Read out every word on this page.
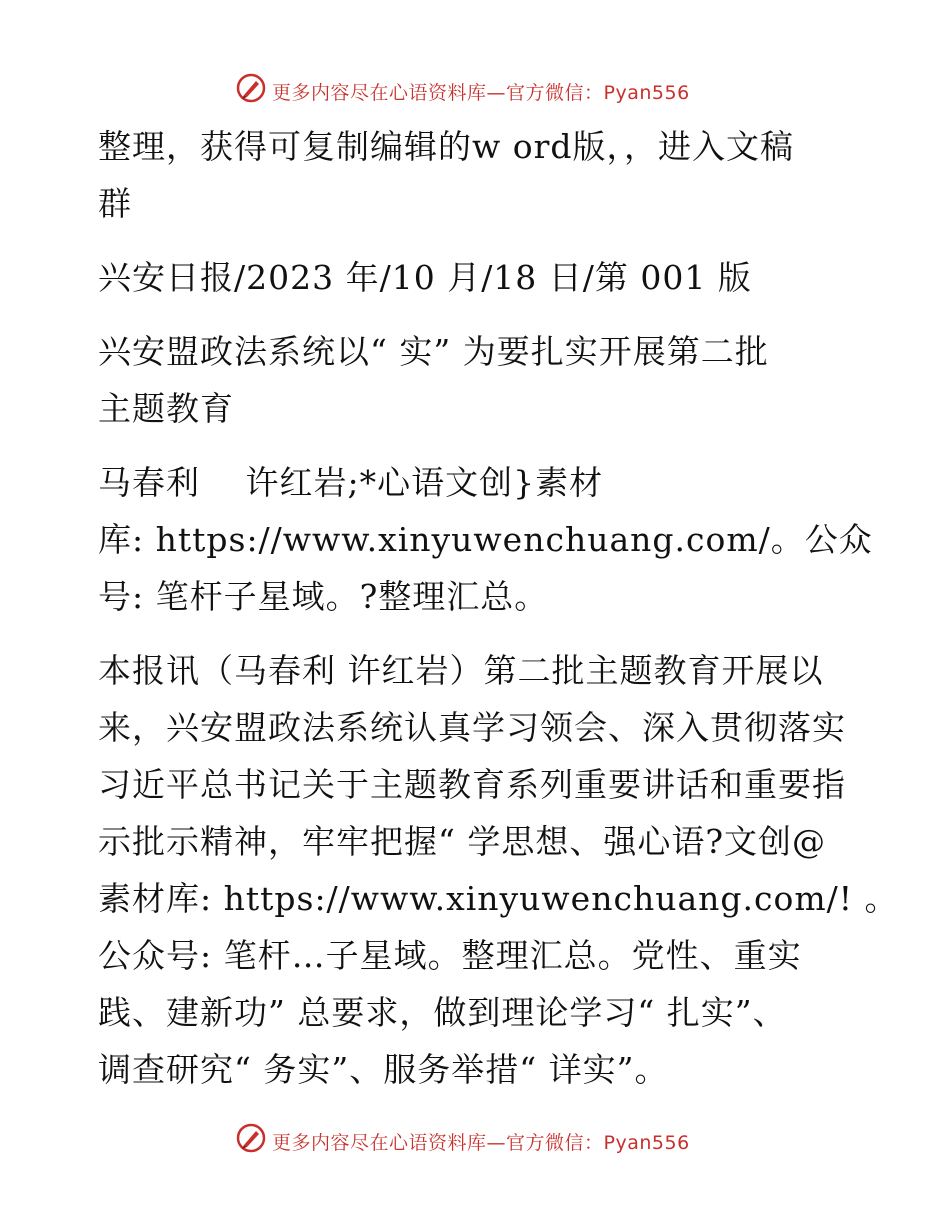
更多内容尽在心语资料库—官方微信：Pyan556
整理，获得可复制编辑的w ord版，，进入文稿
群
兴安日报/2023 年/10 月/18 日/第 001 版
兴安盟政法系统以“ 实” 为要扎实开展第二批
主题教育
马春利　 许红岩;*心语文创}素材
库: https://www.xinyuwenchuang.com/。公众
号: 笔杆子星域。?整理汇总。
本报讯（马春利 许红岩）第二批主题教育开展以
来，兴安盟政法系统认真学习领会、深入贯彻落实
习近平总书记关于主题教育系列重要讲话和重要指
示批示精神，牢牢把握“ 学思想、强心语?文创@
素材库: https://www.xinyuwenchuang.com/! 。
公众号: 笔杆…子星域。整理汇总。党性、重实
践、建新功” 总要求，做到理论学习“ 扎实”、
调查研究“ 务实”、服务举措“ 详实”。
更多内容尽在心语资料库—官方微信：Pyan556
